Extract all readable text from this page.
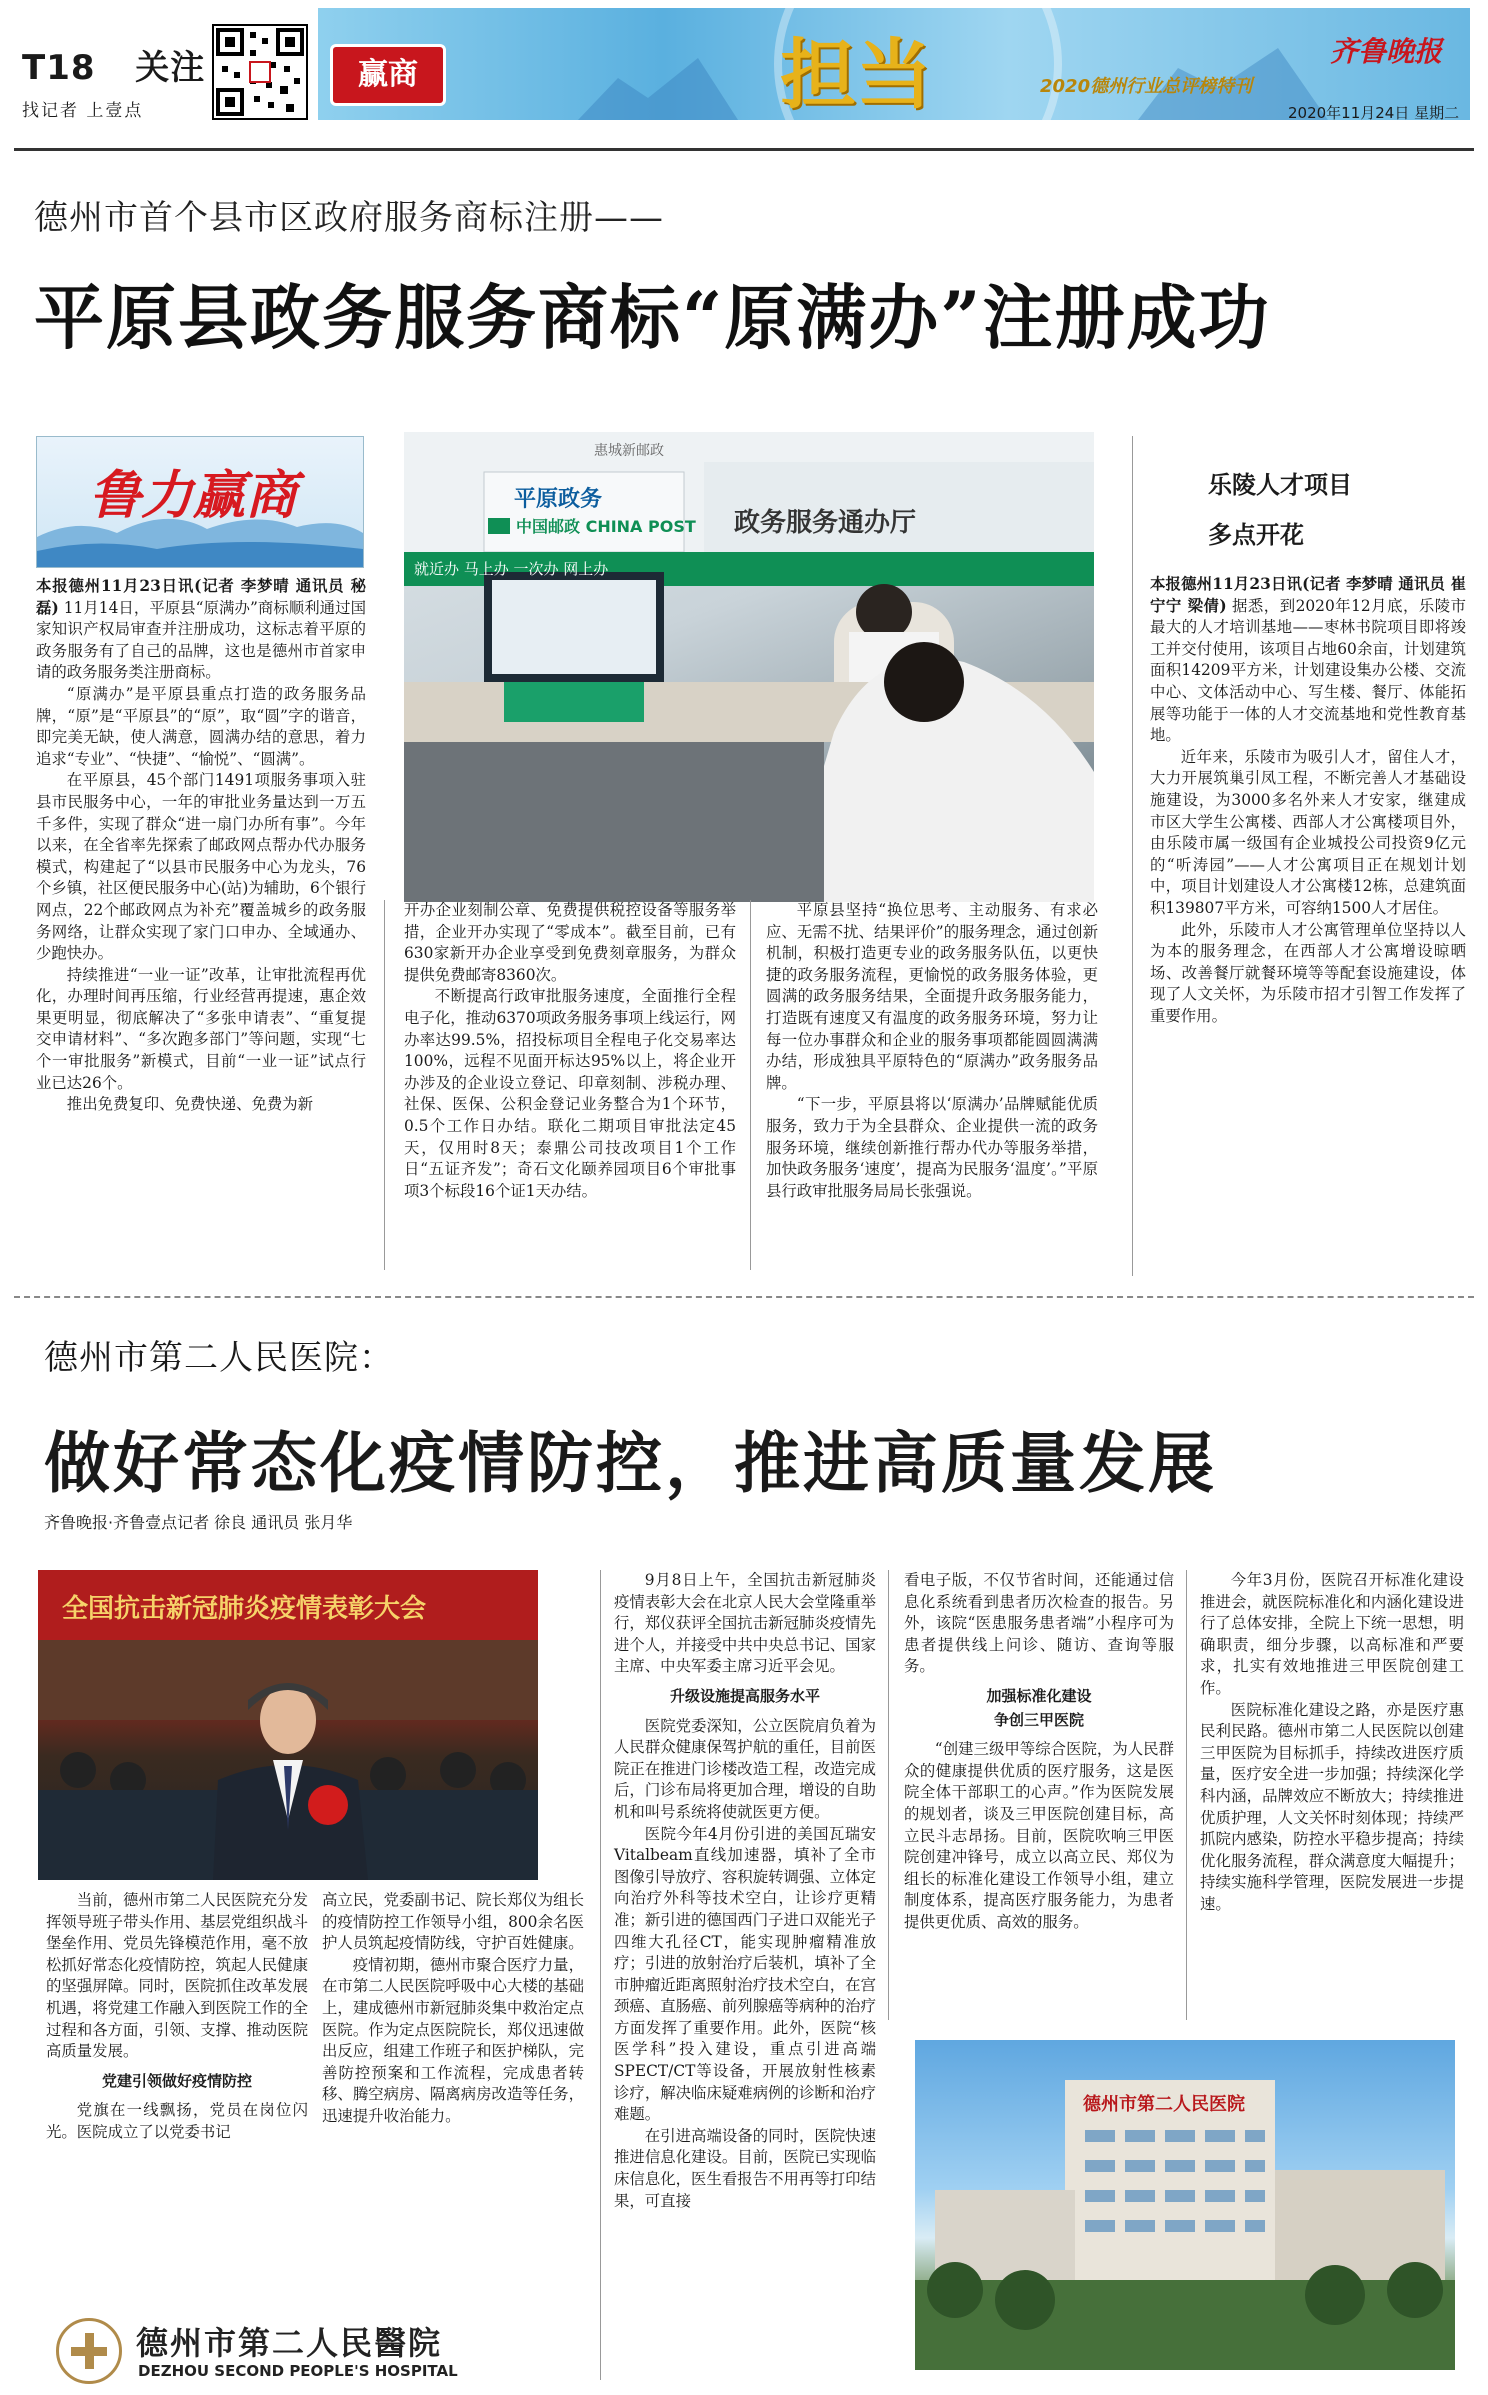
T18 关注
找记者 上壹点
赢商	担当	2020德州行业总评榜特刊
齐鲁晚报
2020年11月24日 星期二
德州市首个县市区政府服务商标注册——
平原县政务服务商标“原满办”注册成功
鲁力赢商
惠城新邮政
平原政务
中国邮政 CHINA POST 政务服务通办厅
就近办 马上办 一次办 网上办

本报德州11月23日讯(记者 李梦晴 通讯员 秘磊) 11月14日，平原县“原满办”商标顺利通过国家知识产权局审查并注册成功，这标志着平原的政务服务有了自己的品牌，这也是德州市首家申请的政务服务类注册商标。

“原满办”是平原县重点打造的政务服务品牌，“原”是“平原县”的“原”，取“圆”字的谐音，即完美无缺，使人满意，圆满办结的意思，着力追求“专业”、“快捷”、“愉悦”、“圆满”。

在平原县，45个部门1491项服务事项入驻县市民服务中心，一年的审批业务量达到一万五千多件，实现了群众“进一扇门办所有事”。今年以来，在全省率先探索了邮政网点帮办代办服务模式，构建起了“以县市民服务中心为龙头，76个乡镇，社区便民服务中心(站)为辅助，6个银行网点，22个邮政网点为补充”覆盖城乡的政务服务网络，让群众实现了家门口申办、全域通办、少跑快办。

持续推进“一业一证”改革，让审批流程再优化，办理时间再压缩，行业经营再提速，惠企效果更明显，彻底解决了“多张申请表”、“重复提交申请材料”、“多次跑多部门”等问题，实现“七个一审批服务”新模式，目前“一业一证”试点行业已达26个。

推出免费复印、免费快递、免费为新

开办企业刻制公章、免费提供税控设备等服务举措，企业开办实现了“零成本”。截至目前，已有630家新开办企业享受到免费刻章服务，为群众提供免费邮寄8360次。

不断提高行政审批服务速度，全面推行全程电子化，推动6370项政务服务事项上线运行，网办率达99.5%，招投标项目全程电子化交易率达100%，远程不见面开标达95%以上，将企业开办涉及的企业设立登记、印章刻制、涉税办理、社保、医保、公积金登记业务整合为1个环节，0.5个工作日办结。联化二期项目审批法定45天，仅用时8天；泰鼎公司技改项目1个工作日“五证齐发”；奇石文化颐养园项目6个审批事项3个标段16个证1天办结。

平原县坚持“换位思考、主动服务、有求必应、无需不扰、结果评价”的服务理念，通过创新机制，积极打造更专业的政务服务队伍，以更快捷的政务服务流程，更愉悦的政务服务体验，更圆满的政务服务结果，全面提升政务服务能力，打造既有速度又有温度的政务服务环境，努力让每一位办事群众和企业的服务事项都能圆圆满满办结，形成独具平原特色的“原满办”政务服务品牌。

“下一步，平原县将以‘原满办’品牌赋能优质服务，致力于为全县群众、企业提供一流的政务服务环境，继续创新推行帮办代办等服务举措，加快政务服务‘速度’，提高为民服务‘温度’。”平原县行政审批服务局局长张强说。

乐陵人才项目
多点开花

本报德州11月23日讯(记者 李梦晴 通讯员 崔宁宁 梁倩) 据悉，到2020年12月底，乐陵市最大的人才培训基地——枣林书院项目即将竣工并交付使用，该项目占地60余亩，计划建筑面积14209平方米，计划建设集办公楼、交流中心、文体活动中心、写生楼、餐厅、体能拓展等功能于一体的人才交流基地和党性教育基地。

近年来，乐陵市为吸引人才，留住人才，大力开展筑巢引凤工程，不断完善人才基础设施建设，为3000多名外来人才安家，继建成市区大学生公寓楼、西部人才公寓楼项目外，由乐陵市属一级国有企业城投公司投资9亿元的“听涛园”——人才公寓项目正在规划计划中，项目计划建设人才公寓楼12栋，总建筑面积139807平方米，可容纳1500人才居住。

此外，乐陵市人才公寓管理单位坚持以人为本的服务理念，在西部人才公寓增设晾晒场、改善餐厅就餐环境等等配套设施建设，体现了人文关怀，为乐陵市招才引智工作发挥了重要作用。

德州市第二人民医院：
做好常态化疫情防控，推进高质量发展
齐鲁晚报·齐鲁壹点记者 徐良 通讯员 张月华
全国抗击新冠肺炎疫情表彰大会

当前，德州市第二人民医院充分发挥领导班子带头作用、基层党组织战斗堡垒作用、党员先锋模范作用，毫不放松抓好常态化疫情防控，筑起人民健康的坚强屏障。同时，医院抓住改革发展机遇，将党建工作融入到医院工作的全过程和各方面，引领、支撑、推动医院高质量发展。

党建引领做好疫情防控

党旗在一线飘扬，党员在岗位闪光。医院成立了以党委书记

高立民，党委副书记、院长郑仪为组长的疫情防控工作领导小组，800余名医护人员筑起疫情防线，守护百姓健康。

疫情初期，德州市聚合医疗力量，在市第二人民医院呼吸中心大楼的基础上，建成德州市新冠肺炎集中救治定点医院。作为定点医院院长，郑仪迅速做出反应，组建工作班子和医护梯队，完善防控预案和工作流程，完成患者转移、腾空病房、隔离病房改造等任务，迅速提升收治能力。

9月8日上午，全国抗击新冠肺炎疫情表彰大会在北京人民大会堂隆重举行，郑仪获评全国抗击新冠肺炎疫情先进个人，并接受中共中央总书记、国家主席、中央军委主席习近平会见。

升级设施提高服务水平

医院党委深知，公立医院肩负着为人民群众健康保驾护航的重任，目前医院正在推进门诊楼改造工程，改造完成后，门诊布局将更加合理，增设的自助机和叫号系统将使就医更方便。

医院今年4月份引进的美国瓦瑞安Vitalbeam直线加速器，填补了全市图像引导放疗、容积旋转调强、立体定向治疗外科等技术空白，让诊疗更精准；新引进的德国西门子进口双能光子四维大孔径CT，能实现肿瘤精准放疗；引进的放射治疗后装机，填补了全市肿瘤近距离照射治疗技术空白，在宫颈癌、直肠癌、前列腺癌等病种的治疗方面发挥了重要作用。此外，医院“核医学科”投入建设，重点引进高端SPECT/CT等设备，开展放射性核素诊疗，解决临床疑难病例的诊断和治疗难题。

在引进高端设备的同时，医院快速推进信息化建设。目前，医院已实现临床信息化，医生看报告不用再等打印结果，可直接

看电子版，不仅节省时间，还能通过信息化系统看到患者历次检查的报告。另外，该院“医患服务患者端”小程序可为患者提供线上问诊、随访、查询等服务。

加强标准化建设

争创三甲医院

“创建三级甲等综合医院，为人民群众的健康提供优质的医疗服务，这是医院全体干部职工的心声。”作为医院发展的规划者，谈及三甲医院创建目标，高立民斗志昂扬。目前，医院吹响三甲医院创建冲锋号，成立以高立民、郑仪为组长的标准化建设工作领导小组，建立制度体系，提高医疗服务能力，为患者提供更优质、高效的服务。

今年3月份，医院召开标准化建设推进会，就医院标准化和内涵化建设进行了总体安排，全院上下统一思想，明确职责，细分步骤，以高标准和严要求，扎实有效地推进三甲医院创建工作。

医院标准化建设之路，亦是医疗惠民利民路。德州市第二人民医院以创建三甲医院为目标抓手，持续改进医疗质量，医疗安全进一步加强；持续深化学科内涵，品牌效应不断放大；持续推进优质护理，人文关怀时刻体现；持续严抓院内感染，防控水平稳步提高；持续优化服务流程，群众满意度大幅提升；持续实施科学管理，医院发展进一步提速。

德州市第二人民医院
德州市第二人民醫院
DEZHOU SECOND PEOPLE'S HOSPITAL
